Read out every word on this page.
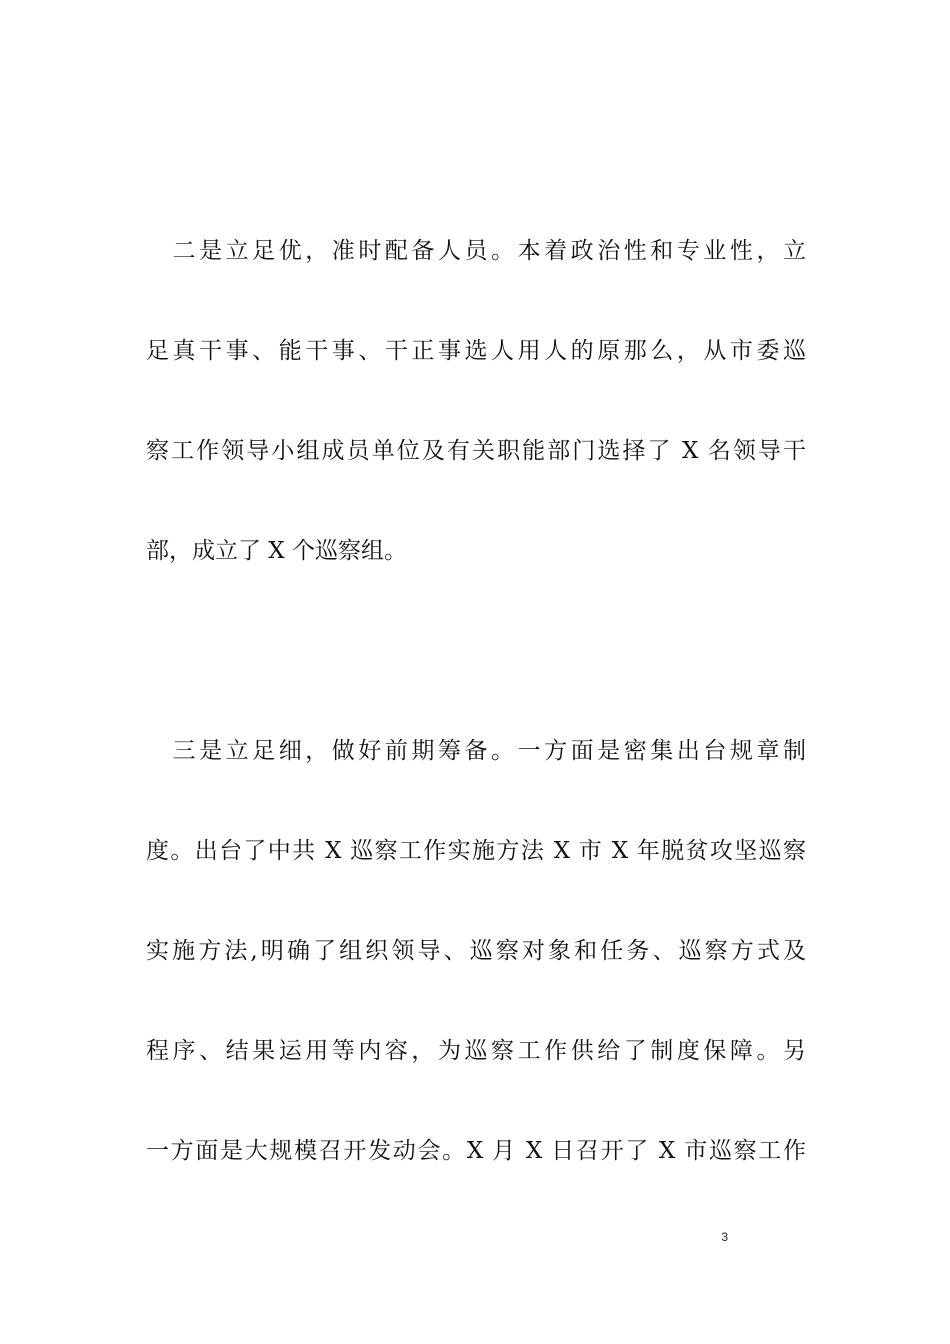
　二是立足优，准时配备人员。本着政治性和专业性，立
足真干事、能干事、干正事选人用人的原那么，从市委巡
察工作领导小组成员单位及有关职能部门选择了 X 名领导干
部，成立了 X 个巡察组。
　三是立足细，做好前期筹备。一方面是密集出台规章制
度。出台了中共 X 巡察工作实施方法 X 市 X 年脱贫攻坚巡察
实施方法,明确了组织领导、巡察对象和任务、巡察方式及
程序、结果运用等内容，为巡察工作供给了制度保障。另
一方面是大规模召开发动会。X 月 X 日召开了 X 市巡察工作
3
